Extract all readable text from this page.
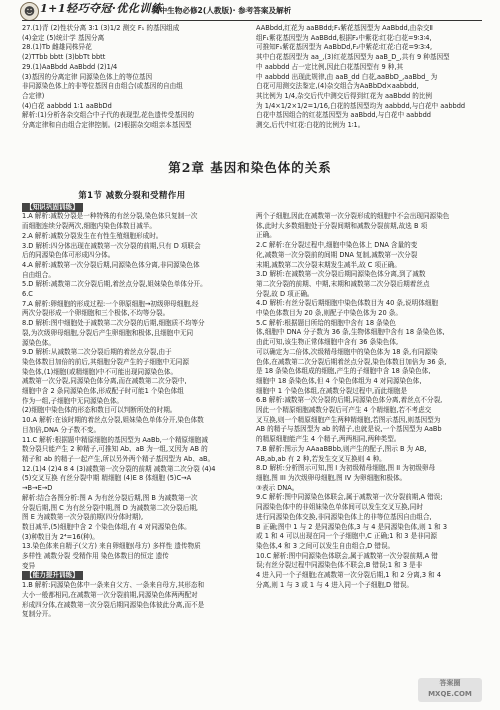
☻ 1+1轻巧夺冠·优化训练
高中生物必修2(人教版)· 参考答案及解析
27.(1)青 (2)性状分离 3∶1 (3)1/2 测交 F₁ 的基因组成
(4)金定 (5)统计学 基因分离
28.(1)Tb 雌雄同株异花
(2)TTbb bbtt (3)bbTt bbtt
29.(1)AaBbdd AaBbdd (2)1/4
(3)基因的分离定律 同源染色体上的等位基因
非同源染色体上的非等位基因自由组合(或基因的自由组
合定律)
(4)白花 aabbdd 1∶1 aaBbDd
解析:(1)分析各杂交组合中子代的表现型,花色遗传受基因的
分离定律和自由组合定律控制。(2)根据杂交Ⅰ组亲本基因型
AABbdd,红花为 aaBBdd;F₁紫花基因型为 AaBbdd,由杂交Ⅱ
组F₁紫花基因型为 AaBBdd,根据F₂中紫花∶红花∶白花=9∶3∶4,
可推知F₁紫花基因型为 AaBbDd,F₂中紫花∶红花∶白花=9∶3∶4,
其中白花基因型为 aa_,(3)红花基因型为 aaB_D_,共有 9 种基因型
中 aabbdd 占一定比例,因此白花基因型有 9 种,其
中 aabbdd 出现此规律,由 aaB_dd 白花,aaBbD_,aaBbd_ 为
白花可用测交法鉴定,(4)杂交组合为AaBbDd×aabbdd,
其比例为 1/4,杂交后代中测交后得到红花为 aaBbdd 的比例
为 1/4×1/2×1/2=1/16,白花的基因型均为 aabbdd,与白花中 aabbdd
白花中基因组合的红花基因型为 aaBbdd,与白花中 aabbdd
测交,后代中红花∶白花的比例为 1∶1。
第2章 基因和染色体的关系
第1节 减数分裂和受精作用
【知识巩固训练】
1.A 解析:减数分裂是一种特殊的有丝分裂,染色体只复制一次
而细胞连续分裂两次,细胞内染色体数目减半。
2.A 解析:减数分裂发生在有性生殖细胞形成时。
3.D 解析:四分体出现在减数第一次分裂的前期,只有 D 项联会
后的同源染色体可形成四分体。
4.A 解析:减数第一次分裂后期,同源染色体分离,非同源染色体
自由组合。
5.D 解析:减数第二次分裂后期,着丝点分裂,姐妹染色单体分开。
6.C
7.A 解析:卵细胞的形成过程:一个卵原细胞→初级卵母细胞,经
两次分裂形成一个卵细胞和三个极体,不均等分裂。
8.D 解析:图中细胞处于减数第二次分裂的后期,细胞质不均等分
裂,为次级卵母细胞,分裂后产生卵细胞和极体,且细胞中无同
源染色体。
9.D 解析:从减数第二次分裂后期的着丝点分裂,由于
染色体数目加倍的前后,其细胞分裂产生的子细胞中无同源
染色体,(1)细胞(或精细胞)中不可能出现同源染色体。
减数第一次分裂,同源染色体分离,而在减数第二次分裂中,
细胞中含 2 条同源染色体,形成配子时可能1 个染色体组
作为一组,子细胞中无同源染色体。
(2)细胞中染色体的形态和数目可以判断所处的时期。
10.A 解析:在该时期的着丝点分裂,姐妹染色单体分开,染色体数
目加倍,DNA 分子数不变。
11.C 解析:根据题中精原细胞的基因型为 AaBb,一个精原细胞减
数分裂只能产生 2 种精子,可推知 Ab、aB 为一组,又因为 AB 的
精子和 ab 的精子一起产生,所以另外两个精子基因型为 Ab、aB。
12.(1)4 (2)4 8 4 (3)减数第一次分裂的前期 减数第二次分裂 (4)4
(5)交叉互换 有丝分裂中期 精细胞 (4)E 8 体细胞 (5)C→A
→B→E→D
解析:结合各图分析:图 A 为有丝分裂后期,图 B 为减数第一次
分裂后期,图 C 为有丝分裂中期,图 D 为减数第二次分裂后期,
图 E 为减数第一次分裂前期(四分体时期),
数目减半,(5)细胞中含 2 个染色体组,有 4 对同源染色体。
(3)种数目为 2⁴=16(种)。
13.染色体来自精子(父方) 来自卵细胞(母方) 多样性 遗传物质
多样性 减数分裂 受精作用 染色体数目的恒定 遗传
变异
【能力提升训练】
1.B 解析:同源染色体中一条来自父方、一条来自母方,其形态和
大小一般都相同,在减数第一次分裂前期,同源染色体两两配对
形成四分体,在减数第一次分裂后期同源染色体彼此分离,而不是
复制分开。
两个子细胞,因此在减数第一次分裂形成的细胞中不会出现同源染色
体,此时大多数细胞处于分裂间期和减数分裂前期,故选 B 项
正确。
2.C 解析:在分裂过程中,细胞中染色体上 DNA 含量的变
化,减数第一次分裂前的间期 DNA 复制,减数第一次分裂
末期,减数第二次分裂末期发生减半,故 C 项正确。
3.D 解析:在减数第一次分裂后期同源染色体分离,到了减数
第二次分裂的前期、中期,末期和减数第二次分裂后期着丝点
分裂,故 D 项正确。
4.D 解析:有丝分裂后期细胞中染色体数目为 40 条,说明体细胞
中染色体数目为 20 条,则配子中染色体为 20 条。
5.C 解析:根据题目所给的细胞中含有 18 条染色
体,细胞中 DNA 分子数为 36 条,生物体细胞中含有 18 条染色体,
由此可知,该生物正常体细胞中含有 36 条染色体,
可以确定为二倍体,次级精母细胞中的染色体为 18 条,有同源染
色体,在减数第二次分裂后期着丝点分裂,染色体数目加倍为 36 条,
是 18 条染色体组成的细胞,产生的子细胞中含 18 条染色体,
细胞中 18 条染色体,但 4 个染色体组为 4 对同源染色体,
细胞中 1 个染色体组,在减数分裂过程中,而此细胞是
6.B 解析:减数第一次分裂的后期,同源染色体分离,着丝点不分裂,
因此一个精原细胞减数分裂后可产生 4 个精细胞,若不考虑交
叉互换,则一个精原细胞产生两种精细胞,若图示基因,则基因型为
AB 的精子与基因型为 ab 的精子,也就是说,一个基因型为 AaBb
的精原细胞能产生 4 个精子,两两相同,两种类型。
7.B 解析:图示为 AAaaBBbb,则产生的配子,图示 B 为 AB,
AB,ab,ab 有 2 种,若发生交叉互换则 4 种。
8.D 解析:分析图示可知,图 I 为初级精母细胞,图 II 为初级卵母
细胞,图 III 为次级卵母细胞,图 IV 为卵细胞和极体。
③表示 DNA。
9.C 解析:图中同源染色体联会,属于减数第一次分裂前期,A 错误;
同源染色体中的非姐妹染色单体间可以发生交叉互换,同时
进行同源染色体交换,非同源染色体上的非等位基因自由组合,
B 正确;图中 1 与 2 是同源染色体,3 与 4 是同源染色体,则 1 和 3
或 1 和 4 可以出现在同一个子细胞中,C 正确;1 和 3 是非同源
染色体,4 和 3 之间可以发生自由组合,D 错误。
10.C 解析:图中同源染色体联会,属于减数第一次分裂前期,A 错
误;有丝分裂过程中同源染色体不联会,B 错误;1 和 3 是非
4 进入同一个子细胞;在减数第一次分裂后期,1 和 2 分离,3 和 4
分离,则 1 与 3 或 1 与 4 进入同一个子细胞,D 错误。
答案圈
MXQE.COM
